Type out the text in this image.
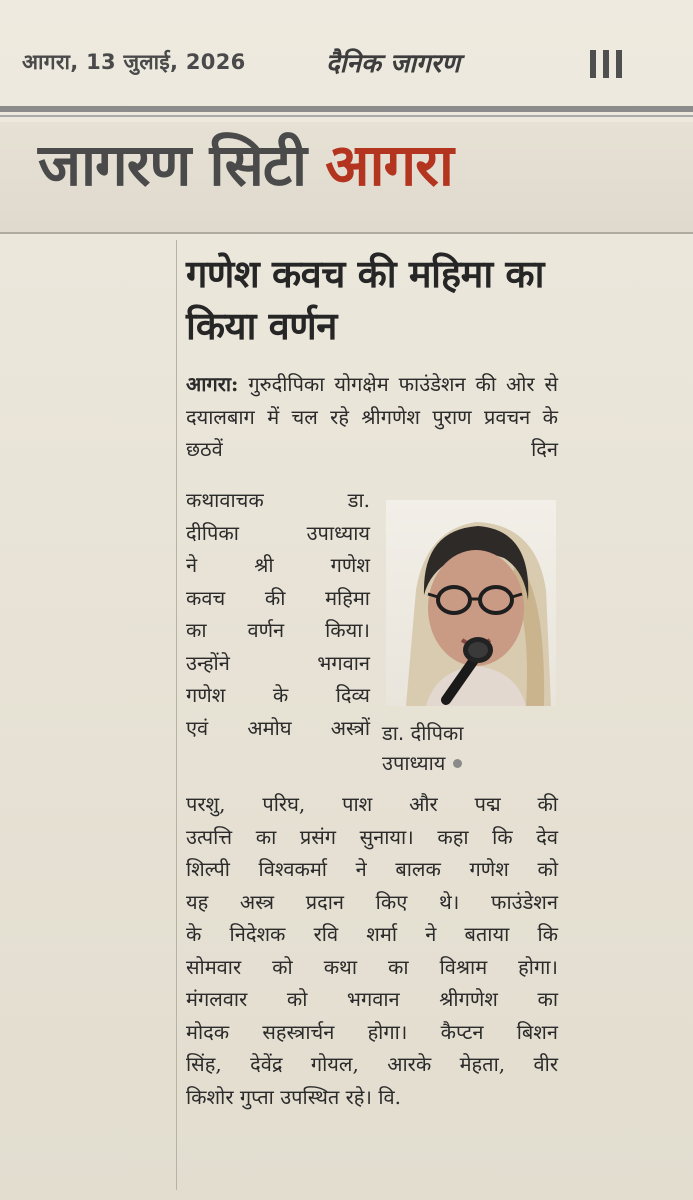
आगरा, 13 जुलाई, 2026	दैनिक जागरण
जागरण सिटी आगरा
गणेश कवच की महिमा का किया वर्णन
आगरा: गुरुदीपिका योगक्षेम फाउंडेशन की ओर से दयालबाग में चल रहे श्रीगणेश पुराण प्रवचन के छठवें दिन

कथावाचक डा.

दीपिका उपाध्याय

ने श्री गणेश

कवच की महिमा

का वर्णन किया।

उन्होंने भगवान

गणेश के दिव्य

एवं अमोघ अस्त्रों डा. दीपिका
उपाध्याय

परशु, परिघ, पाश और पद्म की

उत्पत्ति का प्रसंग सुनाया। कहा कि देव

शिल्पी विश्वकर्मा ने बालक गणेश को

यह अस्त्र प्रदान किए थे। फाउंडेशन

के निदेशक रवि शर्मा ने बताया कि

सोमवार को कथा का विश्राम होगा।

मंगलवार को भगवान श्रीगणेश का

मोदक सहस्त्रार्चन होगा। कैप्टन बिशन

सिंह, देवेंद्र गोयल, आरके मेहता, वीर

किशोर गुप्ता उपस्थित रहे। वि.
